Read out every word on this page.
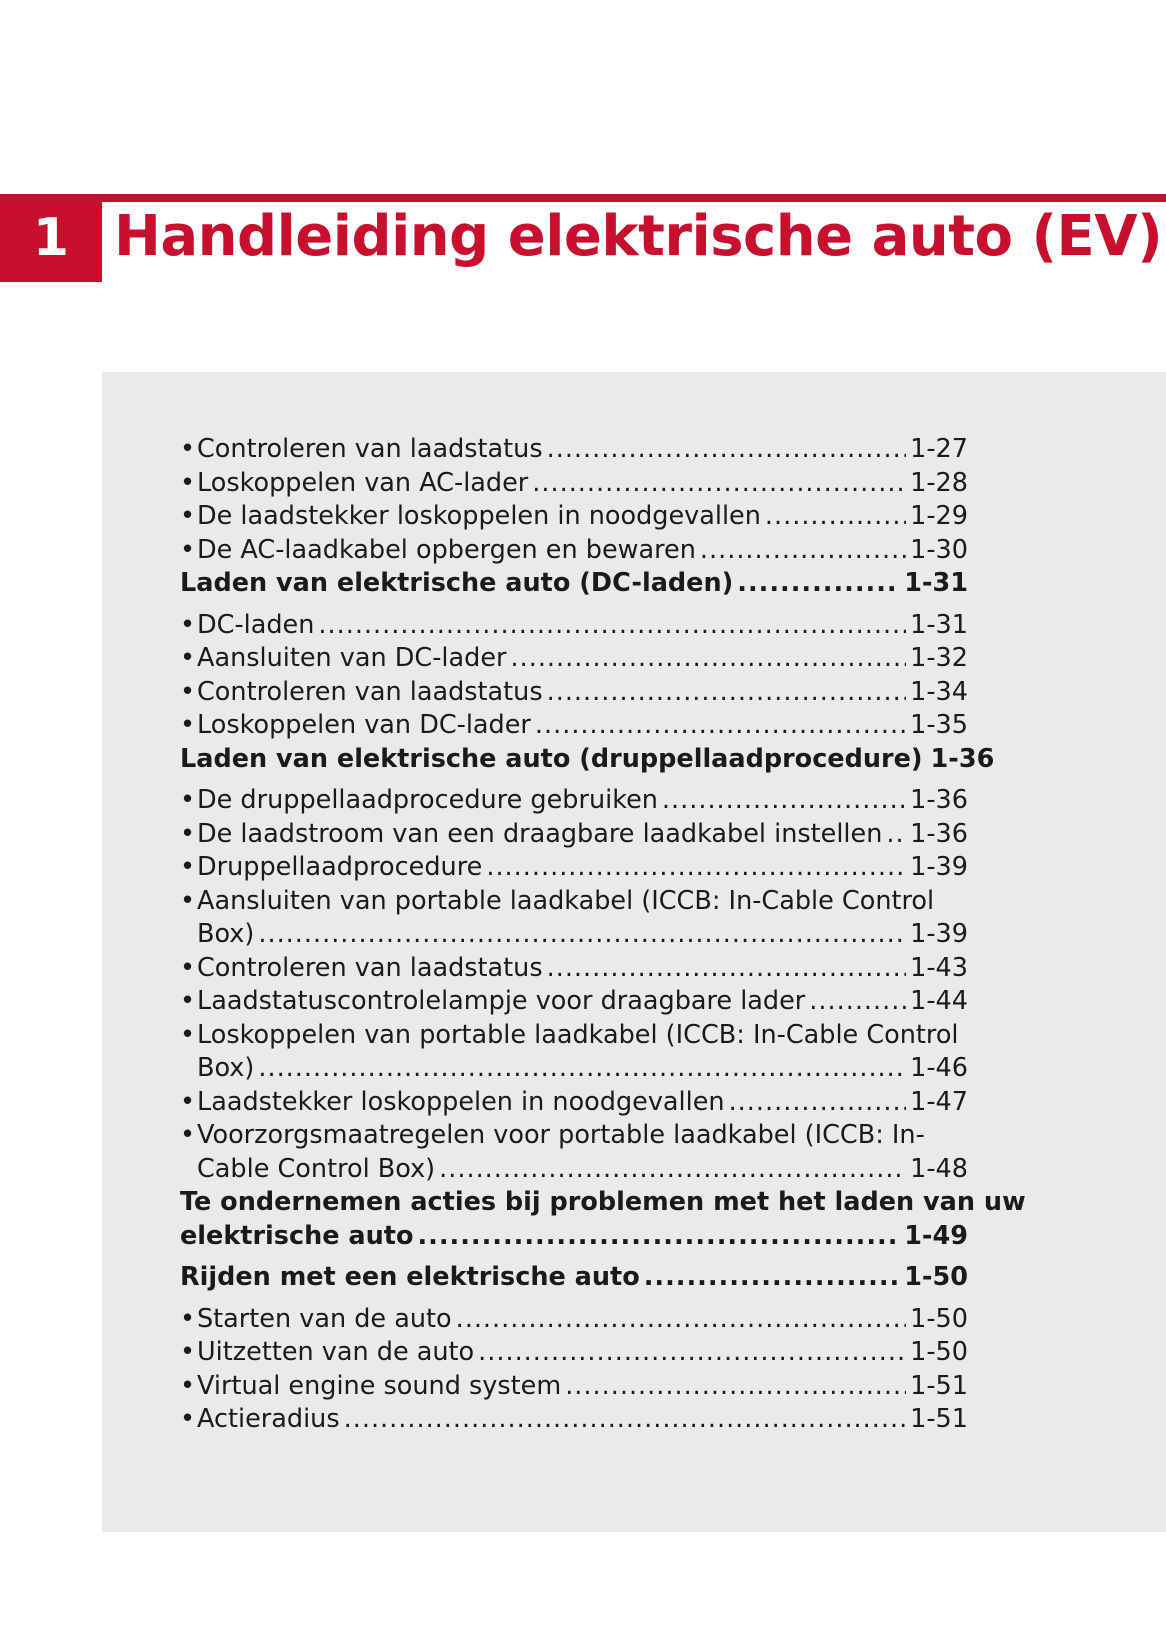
1 Handleiding elektrische auto (EV)
• Controleren van laadstatus .....	1-27
• Loskoppelen van AC-lader .....	1-28
• De laadstekker loskoppelen in noodgevallen .....	1-29
• De AC-laadkabel opbergen en bewaren .....	1-30
Laden van elektrische auto (DC-laden) .....	1-31
• DC-laden .....	1-31
• Aansluiten van DC-lader .....	1-32
• Controleren van laadstatus .....	1-34
• Loskoppelen van DC-lader .....	1-35
Laden van elektrische auto (druppellaadprocedure) 1-36
• De druppellaadprocedure gebruiken .....	1-36
• De laadstroom van een draagbare laadkabel instellen ..... 1-36
• Druppellaadprocedure .....	1-39
• Aansluiten van portable laadkabel (ICCB: In-Cable Control
Box) .....	1-39
• Controleren van laadstatus .....	1-43
• Laadstatuscontrolelampje voor draagbare lader .....	1-44
• Loskoppelen van portable laadkabel (ICCB: In-Cable Control
Box) .....	1-46
• Laadstekker loskoppelen in noodgevallen .....	1-47
• Voorzorgsmaatregelen voor portable laadkabel (ICCB: In-
Cable Control Box) .....	1-48
Te ondernemen acties bij problemen met het laden van uw
elektrische auto .....	1-49
Rijden met een elektrische auto .....	1-50
• Starten van de auto .....	1-50
• Uitzetten van de auto .....	1-50
• Virtual engine sound system .....	1-51
• Actieradius .....	1-51
